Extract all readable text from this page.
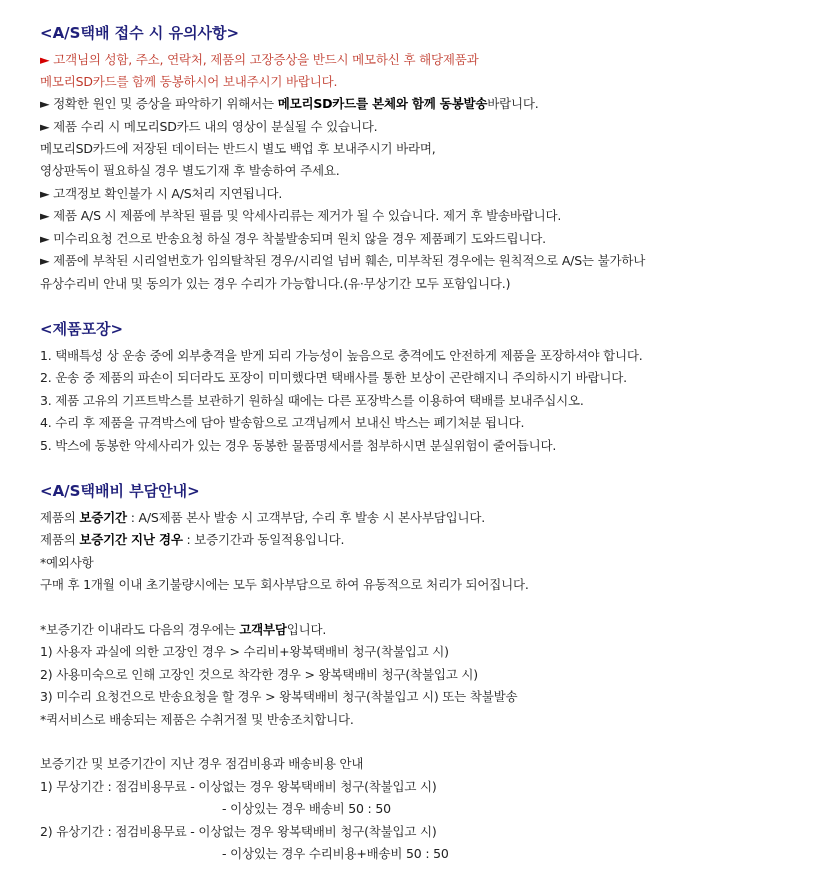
<A/S택배 접수 시 유의사항>
► 고객님의 성함, 주소, 연락처, 제품의 고장증상을 반드시 메모하신 후 해당제품과
메모리SD카드를 함께 동봉하시어 보내주시기 바랍니다.
► 정확한 원인 및 증상을 파악하기 위해서는 메모리SD카드를 본체와 함께 동봉발송바랍니다.
► 제품 수리 시 메모리SD카드 내의 영상이 분실될 수 있습니다.
메모리SD카드에 저장된 데이터는 반드시 별도 백업 후 보내주시기 바라며,
영상판독이 필요하실 경우 별도기재 후 발송하여 주세요.
► 고객정보 확인불가 시 A/S처리 지연됩니다.
► 제품 A/S 시 제품에 부착된 필름 및 악세사리류는 제거가 될 수 있습니다. 제거 후 발송바랍니다.
► 미수리요청 건으로 반송요청 하실 경우 착불발송되며 원치 않을 경우 제품폐기 도와드립니다.
► 제품에 부착된 시리얼번호가 임의탈착된 경우/시리얼 넘버 훼손, 미부착된 경우에는 원칙적으로 A/S는 불가하나
유상수리비 안내 및 동의가 있는 경우 수리가 가능합니다.(유·무상기간 모두 포함입니다.)
<제품포장>
1. 택배특성 상 운송 중에 외부충격을 받게 되리 가능성이 높음으로 충격에도 안전하게 제품을 포장하셔야 합니다.
2. 운송 중 제품의 파손이 되더라도 포장이 미미했다면 택배사를 통한 보상이 곤란해지니 주의하시기 바랍니다.
3. 제품 고유의 기프트박스를 보관하기 원하실 때에는 다른 포장박스를 이용하여 택배를 보내주십시오.
4. 수리 후 제품을 규격박스에 담아 발송함으로 고객님께서 보내신 박스는 폐기처분 됩니다.
5. 박스에 동봉한 악세사리가 있는 경우 동봉한 물품명세서를 첨부하시면 분실위험이 줄어듭니다.
<A/S택배비 부담안내>
제품의 보증기간 : A/S제품 본사 발송 시 고객부담, 수리 후 발송 시 본사부담입니다.
제품의 보증기간 지난 경우 : 보증기간과 동일적용입니다.
*예외사항
구매 후 1개월 이내 초기불량시에는 모두 회사부담으로 하여 유동적으로 처리가 되어집니다.
*보증기간 이내라도 다음의 경우에는 고객부담입니다.
1) 사용자 과실에 의한 고장인 경우 > 수리비+왕복택배비 청구(착불입고 시)
2) 사용미숙으로 인해 고장인 것으로 착각한 경우 > 왕복택배비 청구(착불입고 시)
3) 미수리 요청건으로 반송요청을 할 경우 > 왕복택배비 청구(착불입고 시) 또는 착불발송
*퀵서비스로 배송되는 제품은 수취거절 및 반송조치합니다.
보증기간 및 보증기간이 지난 경우 점검비용과 배송비용 안내
1) 무상기간 : 점검비용무료 - 이상없는 경우 왕복택배비 청구(착불입고 시)
- 이상있는 경우 배송비 50 : 50
2) 유상기간 : 점검비용무료 - 이상없는 경우 왕복택배비 청구(착불입고 시)
- 이상있는 경우 수리비용+배송비 50 : 50
